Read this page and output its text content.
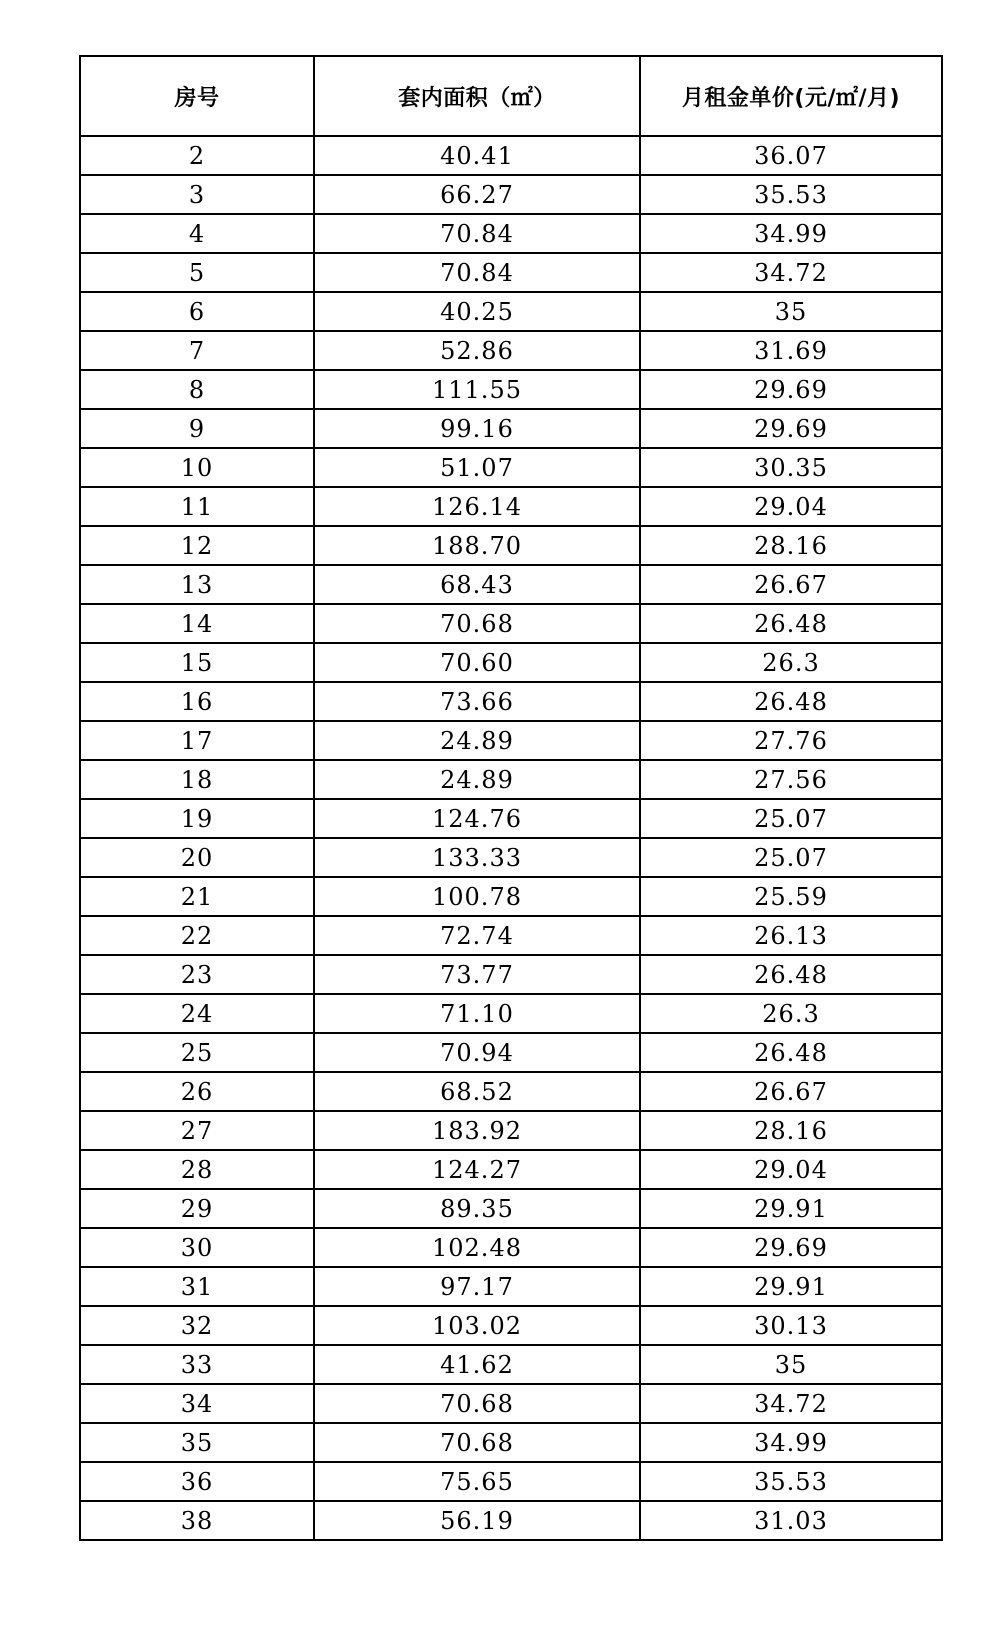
房号	套内面积（㎡）	月租金单价(元/㎡/月)
2	40.41	36.07
3	66.27	35.53
4	70.84	34.99
5	70.84	34.72
6	40.25	35
7	52.86	31.69
8	111.55	29.69
9	99.16	29.69
10	51.07	30.35
11	126.14	29.04
12	188.70	28.16
13	68.43	26.67
14	70.68	26.48
15	70.60	26.3
16	73.66	26.48
17	24.89	27.76
18	24.89	27.56
19	124.76	25.07
20	133.33	25.07
21	100.78	25.59
22	72.74	26.13
23	73.77	26.48
24	71.10	26.3
25	70.94	26.48
26	68.52	26.67
27	183.92	28.16
28	124.27	29.04
29	89.35	29.91
30	102.48	29.69
31	97.17	29.91
32	103.02	30.13
33	41.62	35
34	70.68	34.72
35	70.68	34.99
36	75.65	35.53
38	56.19	31.03
